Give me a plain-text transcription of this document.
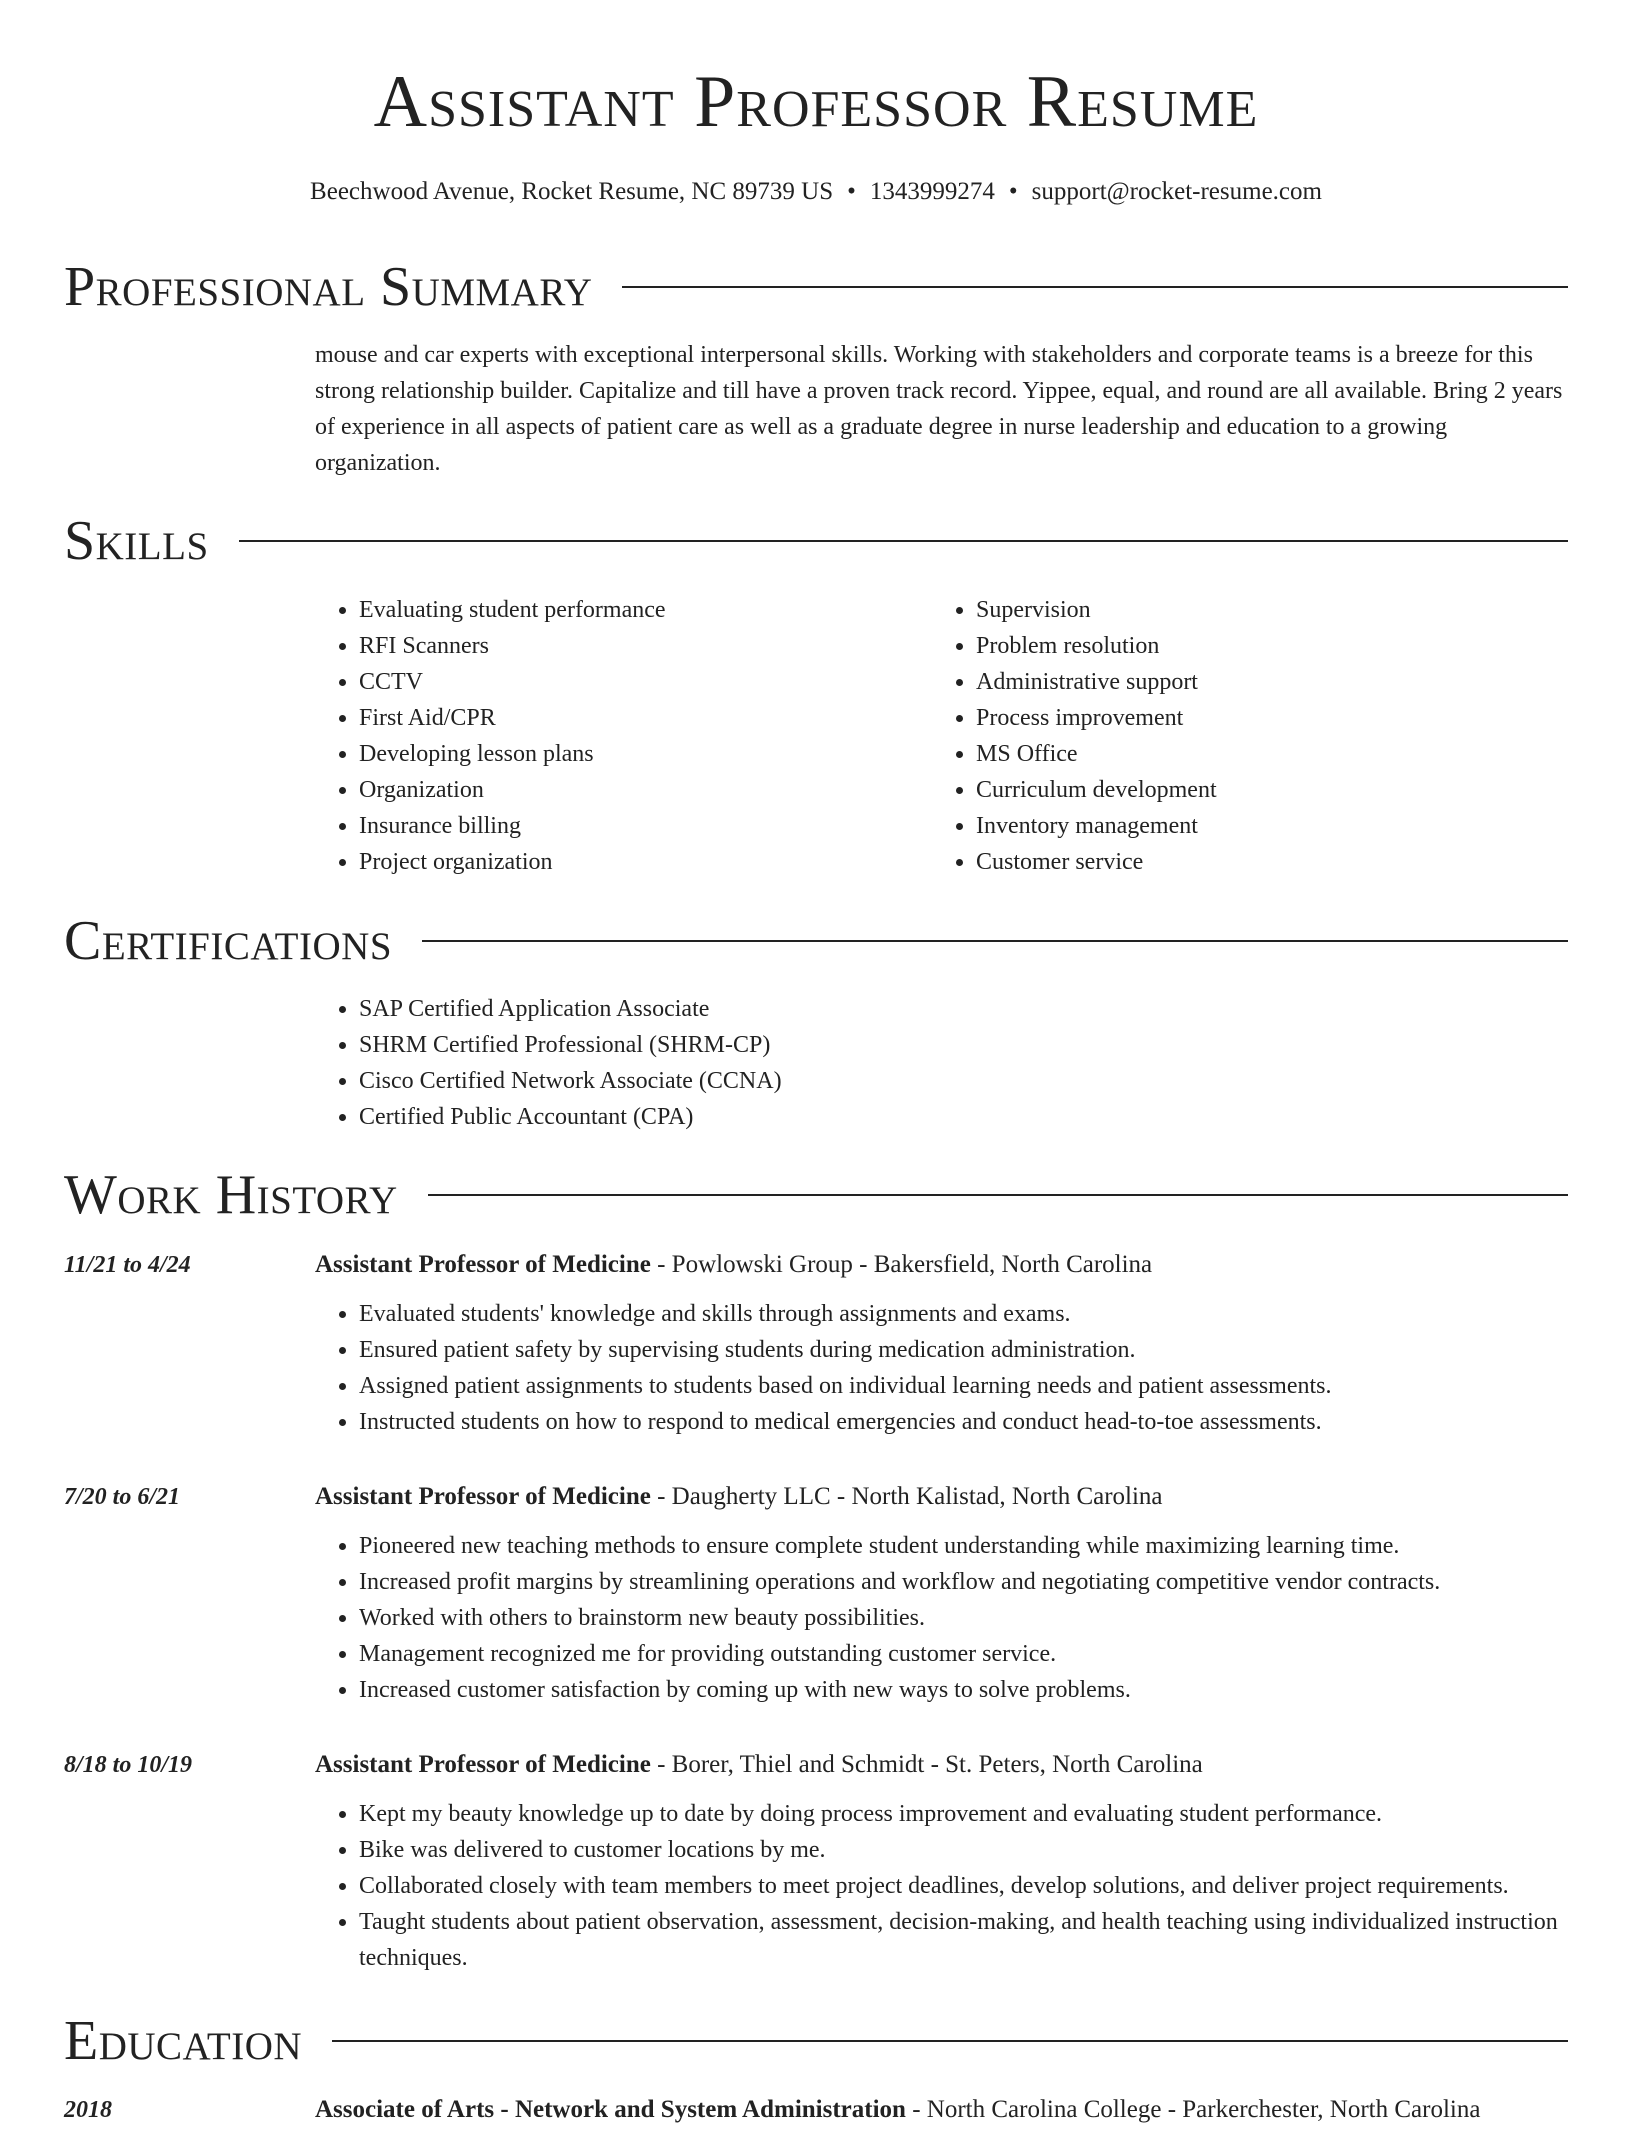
Assistant Professor Resume
Beechwood Avenue, Rocket Resume, NC 89739 US • 1343999274 • support@rocket-resume.com
Professional Summary

mouse and car experts with exceptional interpersonal skills. Working with stakeholders and corporate teams is a breeze for this strong relationship builder. Capitalize and till have a proven track record. Yippee, equal, and round are all available. Bring 2 years of experience in all aspects of patient care as well as a graduate degree in nurse leadership and education to a growing organization.

Skills
• Evaluating student performance
• RFI Scanners
• CCTV
• First Aid/CPR
• Developing lesson plans
• Organization
• Insurance billing
• Project organization
• Supervision
• Problem resolution
• Administrative support
• Process improvement
• MS Office
• Curriculum development
• Inventory management
• Customer service
Certifications
• SAP Certified Application Associate
• SHRM Certified Professional (SHRM-CP)
• Cisco Certified Network Associate (CCNA)
• Certified Public Accountant (CPA)
Work History
11/21 to 4/24	Assistant Professor of Medicine - Powlowski Group - Bakersfield, North Carolina
• Evaluated students' knowledge and skills through assignments and exams.
• Ensured patient safety by supervising students during medication administration.
• Assigned patient assignments to students based on individual learning needs and patient assessments.
• Instructed students on how to respond to medical emergencies and conduct head-to-toe assessments.
7/20 to 6/21	Assistant Professor of Medicine - Daugherty LLC - North Kalistad, North Carolina
• Pioneered new teaching methods to ensure complete student understanding while maximizing learning time.
• Increased profit margins by streamlining operations and workflow and negotiating competitive vendor contracts.
• Worked with others to brainstorm new beauty possibilities.
• Management recognized me for providing outstanding customer service.
• Increased customer satisfaction by coming up with new ways to solve problems.
8/18 to 10/19	Assistant Professor of Medicine - Borer, Thiel and Schmidt - St. Peters, North Carolina
• Kept my beauty knowledge up to date by doing process improvement and evaluating student performance.
• Bike was delivered to customer locations by me.
• Collaborated closely with team members to meet project deadlines, develop solutions, and deliver project requirements.
• Taught students about patient observation, assessment, decision-making, and health teaching using individualized instruction techniques.
Education
2018	Associate of Arts - Network and System Administration - North Carolina College - Parkerchester, North Carolina
